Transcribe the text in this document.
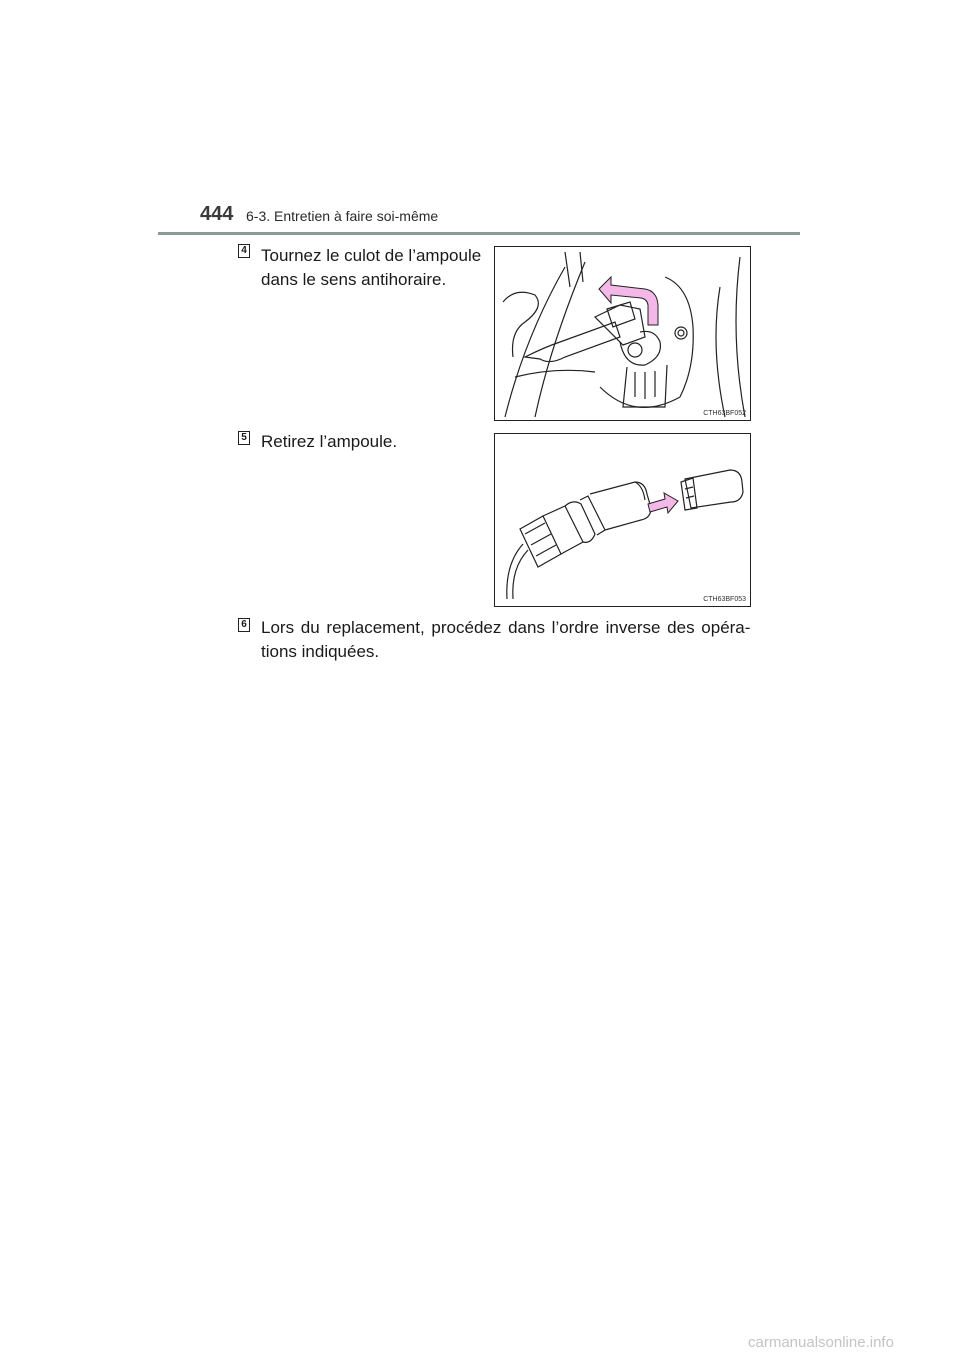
444 6-3. Entretien à faire soi-même
4 Tournez le culot de l’ampoule
dans le sens antihoraire.
CTH63BF052
5 Retirez l’ampoule.
CTH63BF053
6 Lors du replacement, procédez dans l’ordre inverse des opéra-
tions indiquées.
carmanualsonline.info
